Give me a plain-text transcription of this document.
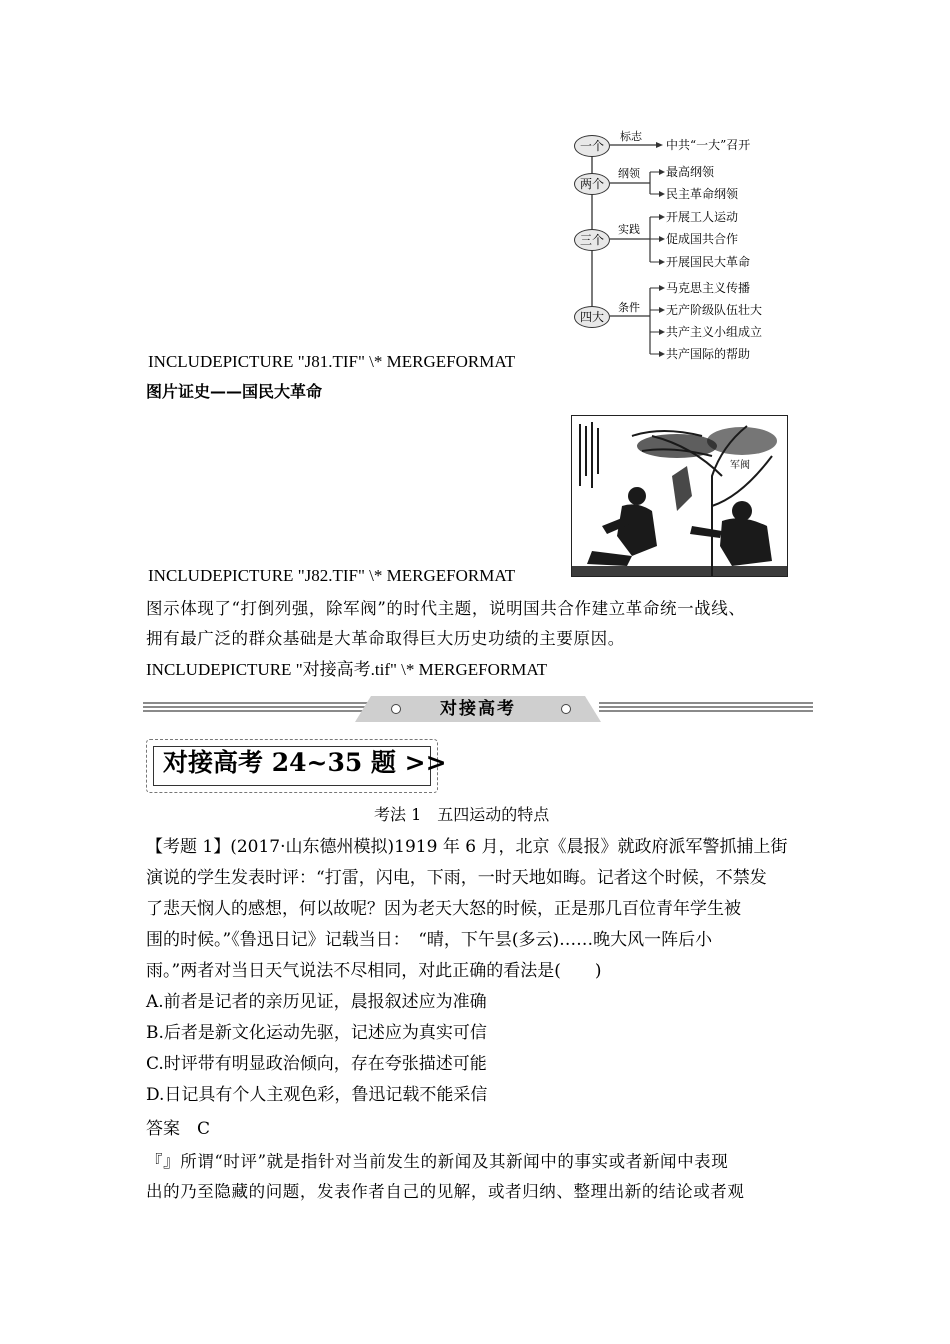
一个
两个
三个
四大
标志
纲领
实践
条件
中共“一大”召开
最高纲领
民主革命纲领
开展工人运动
促成国共合作
开展国民大革命
马克思主义传播
无产阶级队伍壮大
共产主义小组成立
共产国际的帮助
INCLUDEPICTURE "J81.TIF" \* MERGEFORMAT
图片证史——国民大革命
军阀
INCLUDEPICTURE "J82.TIF" \* MERGEFORMAT
图示体现了“打倒列强，除军阀”的时代主题，说明国共合作建立革命统一战线、
拥有最广泛的群众基础是大革命取得巨大历史功绩的主要原因。
INCLUDEPICTURE "对接高考.tif" \* MERGEFORMAT
对接高考
对接高考 24~35 题 >>
考法 1　五四运动的特点
【考题 1】(2017·山东德州模拟)1919 年 6 月，北京《晨报》就政府派军警抓捕上街
演说的学生发表时评：“打雷，闪电，下雨，一时天地如晦。记者这个时候，不禁发
了悲天悯人的感想，何以故呢？因为老天大怒的时候，正是那几百位青年学生被
围的时候。”《鲁迅日记》记载当日：　“晴，下午昙(多云)……晚大风一阵后小
雨。”两者对当日天气说法不尽相同，对此正确的看法是(　　)
A.前者是记者的亲历见证，晨报叙述应为准确
B.后者是新文化运动先驱，记述应为真实可信
C.时评带有明显政治倾向，存在夸张描述可能
D.日记具有个人主观色彩，鲁迅记载不能采信
答案　C
『』所谓“时评”就是指针对当前发生的新闻及其新闻中的事实或者新闻中表现
出的乃至隐藏的问题，发表作者自己的见解，或者归纳、整理出新的结论或者观
